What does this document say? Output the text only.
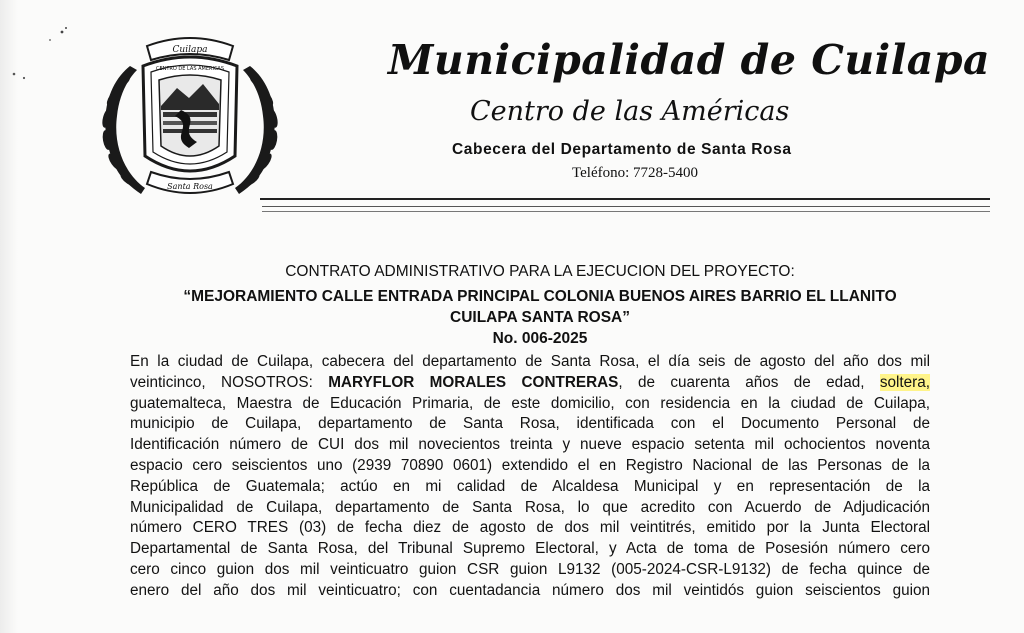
Cuilapa
CENTRO DE LAS AMERICAS
Santa Rosa
Municipalidad de Cuilapa
Centro de las Américas
Cabecera del Departamento de Santa Rosa
Teléfono: 7728-5400
CONTRATO ADMINISTRATIVO PARA LA EJECUCION DEL PROYECTO:
“MEJORAMIENTO CALLE ENTRADA PRINCIPAL COLONIA BUENOS AIRES BARRIO EL LLANITO
CUILAPA SANTA ROSA”
No. 006-2025
En la ciudad de Cuilapa, cabecera del departamento de Santa Rosa, el día seis de agosto del año dos mil
veinticinco, NOSOTROS: MARYFLOR MORALES CONTRERAS, de cuarenta años de edad, soltera,
guatemalteca, Maestra de Educación Primaria, de este domicilio, con residencia en la ciudad de Cuilapa,
municipio de Cuilapa, departamento de Santa Rosa, identificada con el Documento Personal de
Identificación número de CUI dos mil novecientos treinta y nueve espacio setenta mil ochocientos noventa
espacio cero seiscientos uno (2939 70890 0601) extendido el en Registro Nacional de las Personas de la
República de Guatemala; actúo en mi calidad de Alcaldesa Municipal y en representación de la
Municipalidad de Cuilapa, departamento de Santa Rosa, lo que acredito con Acuerdo de Adjudicación
número CERO TRES (03) de fecha diez de agosto de dos mil veintitrés, emitido por la Junta Electoral
Departamental de Santa Rosa, del Tribunal Supremo Electoral, y Acta de toma de Posesión número cero
cero cinco guion dos mil veinticuatro guion CSR guion L9132 (005-2024-CSR-L9132) de fecha quince de
enero del año dos mil veinticuatro; con cuentadancia número dos mil veintidós guion seiscientos guion
